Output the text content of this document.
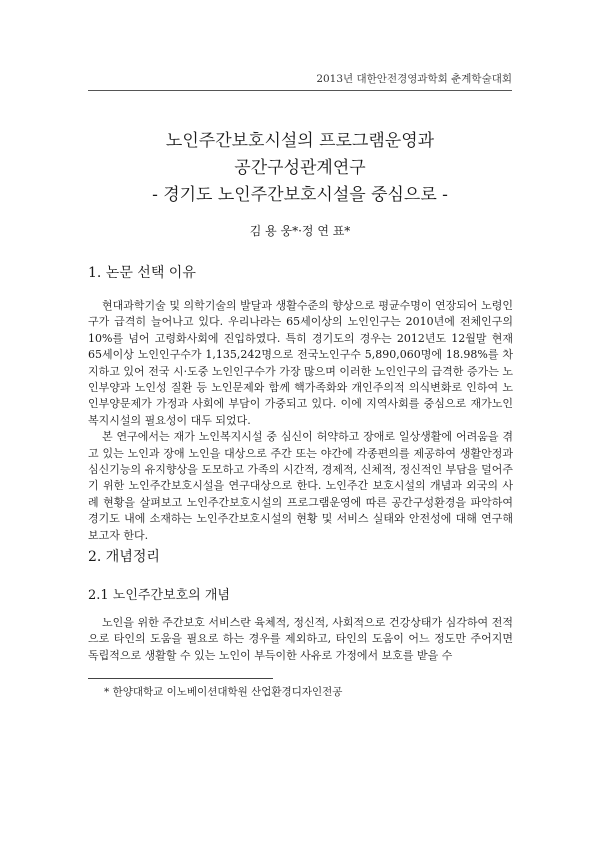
2013년 대한안전경영과학회 춘계학술대회
노인주간보호시설의 프로그램운영과
공간구성관계연구
- 경기도 노인주간보호시설을 중심으로 -
김 용 웅*·정 연 표*
1. 논문 선택 이유

현대과학기술 및 의학기술의 발달과 생활수준의 향상으로 평균수명이 연장되어 노령인구가 급격히 늘어나고 있다. 우리나라는 65세이상의 노인인구는 2010년에 전체인구의 10%를 넘어 고령화사회에 진입하였다. 특히 경기도의 경우는 2012년도 12월말 현재 65세이상 노인인구수가 1,135,242명으로 전국노인구수 5,890,060명에 18.98%를 차지하고 있어 전국 시·도중 노인인구수가 가장 많으며 이러한 노인인구의 급격한 증가는 노인부양과 노인성 질환 등 노인문제와 함께 핵가족화와 개인주의적 의식변화로 인하여 노인부양문제가 가정과 사회에 부담이 가중되고 있다. 이에 지역사회를 중심으로 재가노인복지시설의 필요성이 대두 되었다.

본 연구에서는 재가 노인복지시설 중 심신이 허약하고 장애로 일상생활에 어려움을 겪고 있는 노인과 장애 노인을 대상으로 주간 또는 야간에 각종편의를 제공하여 생활안정과 심신기능의 유지향상을 도모하고 가족의 시간적, 경제적, 신체적, 정신적인 부담을 덜어주기 위한 노인주간보호시설을 연구대상으로 한다. 노인주간 보호시설의 개념과 외국의 사례 현황을 살펴보고 노인주간보호시설의 프로그램운영에 따른 공간구성환경을 파악하여 경기도 내에 소재하는 노인주간보호시설의 현황 및 서비스 실태와 안전성에 대해 연구해 보고자 한다.

2. 개념정리
2.1 노인주간보호의 개념

노인을 위한 주간보호 서비스란 육체적, 정신적, 사회적으로 건강상태가 심각하여 전적으로 타인의 도움을 필요로 하는 경우를 제외하고, 타인의 도움이 어느 정도만 주어지면 독립적으로 생활할 수 있는 노인이 부득이한 사유로 가정에서 보호를 받을 수

* 한양대학교 이노베이션대학원 산업환경디자인전공
